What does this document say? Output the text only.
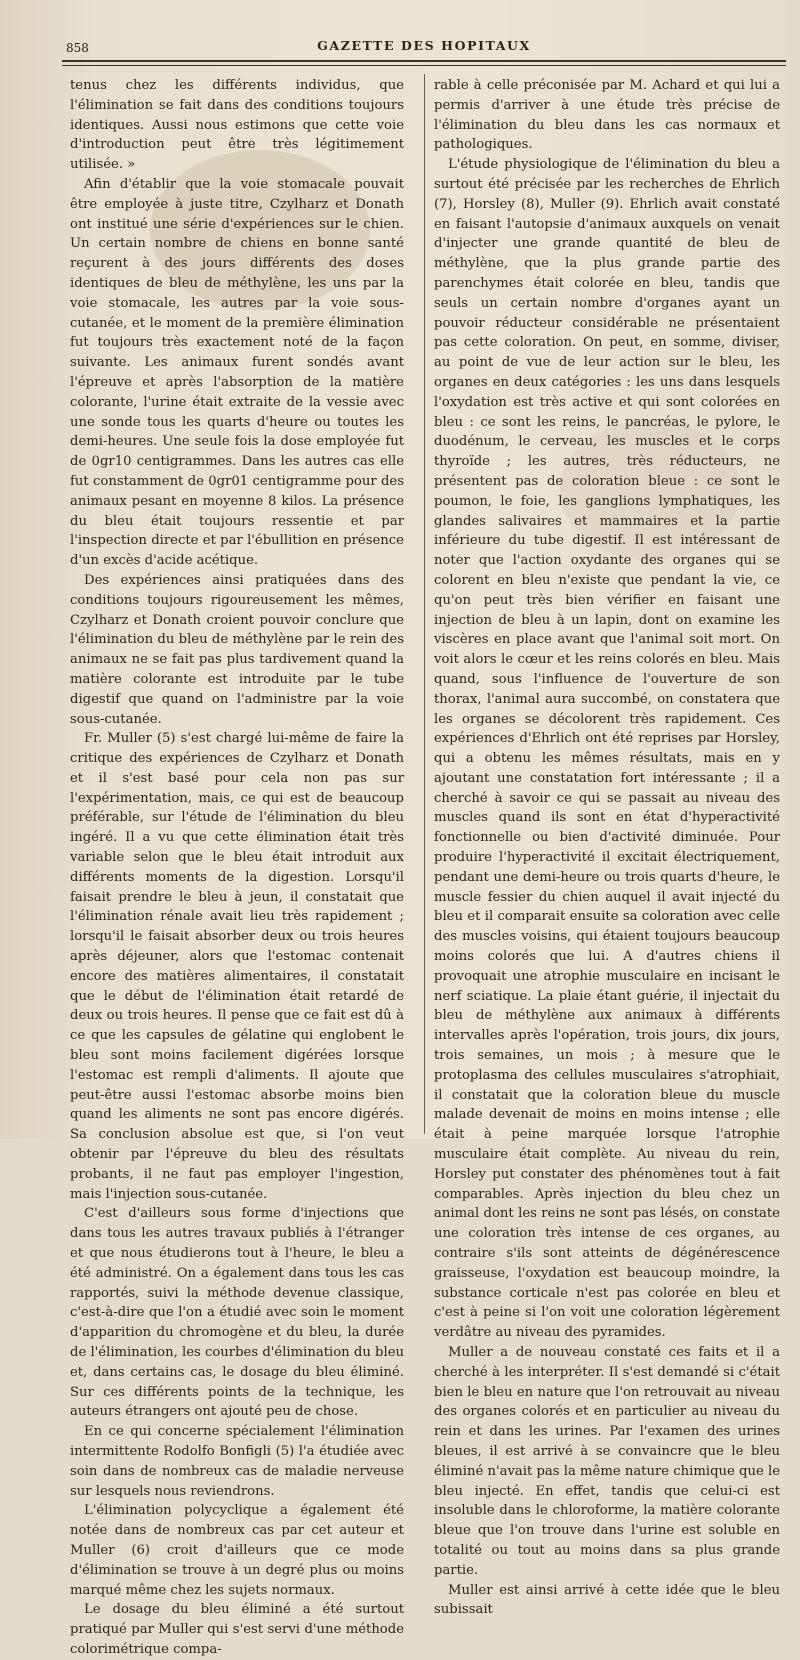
858	GAZETTE DES HOPITAUX

tenus chez les différents individus, que l'élimination se fait dans des conditions toujours identiques. Aussi nous estimons que cette voie d'introduction peut être très légitimement utilisée. »

Afin d'établir que la voie stomacale pouvait être employée à juste titre, Czylharz et Donath ont institué une série d'expériences sur le chien. Un certain nombre de chiens en bonne santé reçurent à des jours différents des doses identiques de bleu de méthylène, les uns par la voie stomacale, les autres par la voie sous-cutanée, et le moment de la première élimination fut toujours très exactement noté de la façon suivante. Les animaux furent sondés avant l'épreuve et après l'absorption de la matière colorante, l'urine était extraite de la vessie avec une sonde tous les quarts d'heure ou toutes les demi-heures. Une seule fois la dose employée fut de 0gr10 centigrammes. Dans les autres cas elle fut constamment de 0gr01 centigramme pour des animaux pesant en moyenne 8 kilos. La présence du bleu était toujours ressentie et par l'inspection directe et par l'ébullition en présence d'un excès d'acide acétique.

Des expériences ainsi pratiquées dans des conditions toujours rigoureusement les mêmes, Czylharz et Donath croient pouvoir conclure que l'élimination du bleu de méthylène par le rein des animaux ne se fait pas plus tardivement quand la matière colorante est introduite par le tube digestif que quand on l'administre par la voie sous-cutanée.

Fr. Muller (5) s'est chargé lui-même de faire la critique des expériences de Czylharz et Donath et il s'est basé pour cela non pas sur l'expérimentation, mais, ce qui est de beaucoup préférable, sur l'étude de l'élimination du bleu ingéré. Il a vu que cette élimination était très variable selon que le bleu était introduit aux différents moments de la digestion. Lorsqu'il faisait prendre le bleu à jeun, il constatait que l'élimination rénale avait lieu très rapidement ; lorsqu'il le faisait absorber deux ou trois heures après déjeuner, alors que l'estomac contenait encore des matières alimentaires, il constatait que le début de l'élimination était retardé de deux ou trois heures. Il pense que ce fait est dû à ce que les capsules de gélatine qui englobent le bleu sont moins facilement digérées lorsque l'estomac est rempli d'aliments. Il ajoute que peut-être aussi l'estomac absorbe moins bien quand les aliments ne sont pas encore digérés. Sa conclusion absolue est que, si l'on veut obtenir par l'épreuve du bleu des résultats probants, il ne faut pas employer l'ingestion, mais l'injection sous-cutanée.

C'est d'ailleurs sous forme d'injections que dans tous les autres travaux publiés à l'étranger et que nous étudierons tout à l'heure, le bleu a été administré. On a également dans tous les cas rapportés, suivi la méthode devenue classique, c'est-à-dire que l'on a étudié avec soin le moment d'apparition du chromogène et du bleu, la durée de l'élimination, les courbes d'élimination du bleu et, dans certains cas, le dosage du bleu éliminé. Sur ces différents points de la technique, les auteurs étrangers ont ajouté peu de chose.

En ce qui concerne spécialement l'élimination intermittente Rodolfo Bonfigli (5) l'a étudiée avec soin dans de nombreux cas de maladie nerveuse sur lesquels nous reviendrons.

L'élimination polycyclique a également été notée dans de nombreux cas par cet auteur et Muller (6) croit d'ailleurs que ce mode d'élimination se trouve à un degré plus ou moins marqué même chez les sujets normaux.

Le dosage du bleu éliminé a été surtout pratiqué par Muller qui s'est servi d'une méthode colorimétrique compa-

rable à celle préconisée par M. Achard et qui lui a permis d'arriver à une étude très précise de l'élimination du bleu dans les cas normaux et pathologiques.

L'étude physiologique de l'élimination du bleu a surtout été précisée par les recherches de Ehrlich (7), Horsley (8), Muller (9). Ehrlich avait constaté en faisant l'autopsie d'animaux auxquels on venait d'injecter une grande quantité de bleu de méthylène, que la plus grande partie des parenchymes était colorée en bleu, tandis que seuls un certain nombre d'organes ayant un pouvoir réducteur considérable ne présentaient pas cette coloration. On peut, en somme, diviser, au point de vue de leur action sur le bleu, les organes en deux catégories : les uns dans lesquels l'oxydation est très active et qui sont colorées en bleu : ce sont les reins, le pancréas, le pylore, le duodénum, le cerveau, les muscles et le corps thyroïde ; les autres, très réducteurs, ne présentent pas de coloration bleue : ce sont le poumon, le foie, les ganglions lymphatiques, les glandes salivaires et mammaires et la partie inférieure du tube digestif. Il est intéressant de noter que l'action oxydante des organes qui se colorent en bleu n'existe que pendant la vie, ce qu'on peut très bien vérifier en faisant une injection de bleu à un lapin, dont on examine les viscères en place avant que l'animal soit mort. On voit alors le cœur et les reins colorés en bleu. Mais quand, sous l'influence de l'ouverture de son thorax, l'animal aura succombé, on constatera que les organes se décolorent très rapidement. Ces expériences d'Ehrlich ont été reprises par Horsley, qui a obtenu les mêmes résultats, mais en y ajoutant une constatation fort intéressante ; il a cherché à savoir ce qui se passait au niveau des muscles quand ils sont en état d'hyperactivité fonctionnelle ou bien d'activité diminuée. Pour produire l'hyperactivité il excitait électriquement, pendant une demi-heure ou trois quarts d'heure, le muscle fessier du chien auquel il avait injecté du bleu et il comparait ensuite sa coloration avec celle des muscles voisins, qui étaient toujours beaucoup moins colorés que lui. A d'autres chiens il provoquait une atrophie musculaire en incisant le nerf sciatique. La plaie étant guérie, il injectait du bleu de méthylène aux animaux à différents intervalles après l'opération, trois jours, dix jours, trois semaines, un mois ; à mesure que le protoplasma des cellules musculaires s'atrophiait, il constatait que la coloration bleue du muscle malade devenait de moins en moins intense ; elle était à peine marquée lorsque l'atrophie musculaire était complète. Au niveau du rein, Horsley put constater des phénomènes tout à fait comparables. Après injection du bleu chez un animal dont les reins ne sont pas lésés, on constate une coloration très intense de ces organes, au contraire s'ils sont atteints de dégénérescence graisseuse, l'oxydation est beaucoup moindre, la substance corticale n'est pas colorée en bleu et c'est à peine si l'on voit une coloration légèrement verdâtre au niveau des pyramides.

Muller a de nouveau constaté ces faits et il a cherché à les interpréter. Il s'est demandé si c'était bien le bleu en nature que l'on retrouvait au niveau des organes colorés et en particulier au niveau du rein et dans les urines. Par l'examen des urines bleues, il est arrivé à se convaincre que le bleu éliminé n'avait pas la même nature chimique que le bleu injecté. En effet, tandis que celui-ci est insoluble dans le chloroforme, la matière colorante bleue que l'on trouve dans l'urine est soluble en totalité ou tout au moins dans sa plus grande partie.

Muller est ainsi arrivé à cette idée que le bleu subissait
